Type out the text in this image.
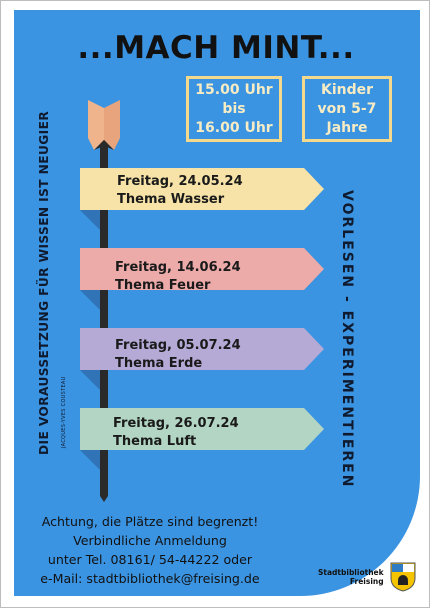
...MACH MINT...
15.00 Uhr
bis
16.00 Uhr
Kinder
von 5-7
Jahre
Freitag, 24.05.24
Thema Wasser
Freitag, 14.06.24
Thema Feuer
Freitag, 05.07.24
Thema Erde
Freitag, 26.07.24
Thema Luft
DIE VORAUSSETZUNG FÜR WISSEN IST NEUGIER JACQUES-YVES COUSTEAU	VORLESEN - EXPERIMENTIEREN
Achtung, die Plätze sind begrenzt!
Verbindliche Anmeldung
unter Tel. 08161/ 54-44222 oder
e-Mail: stadtbibliothek@freising.de	Stadtbibliothek
Freising
